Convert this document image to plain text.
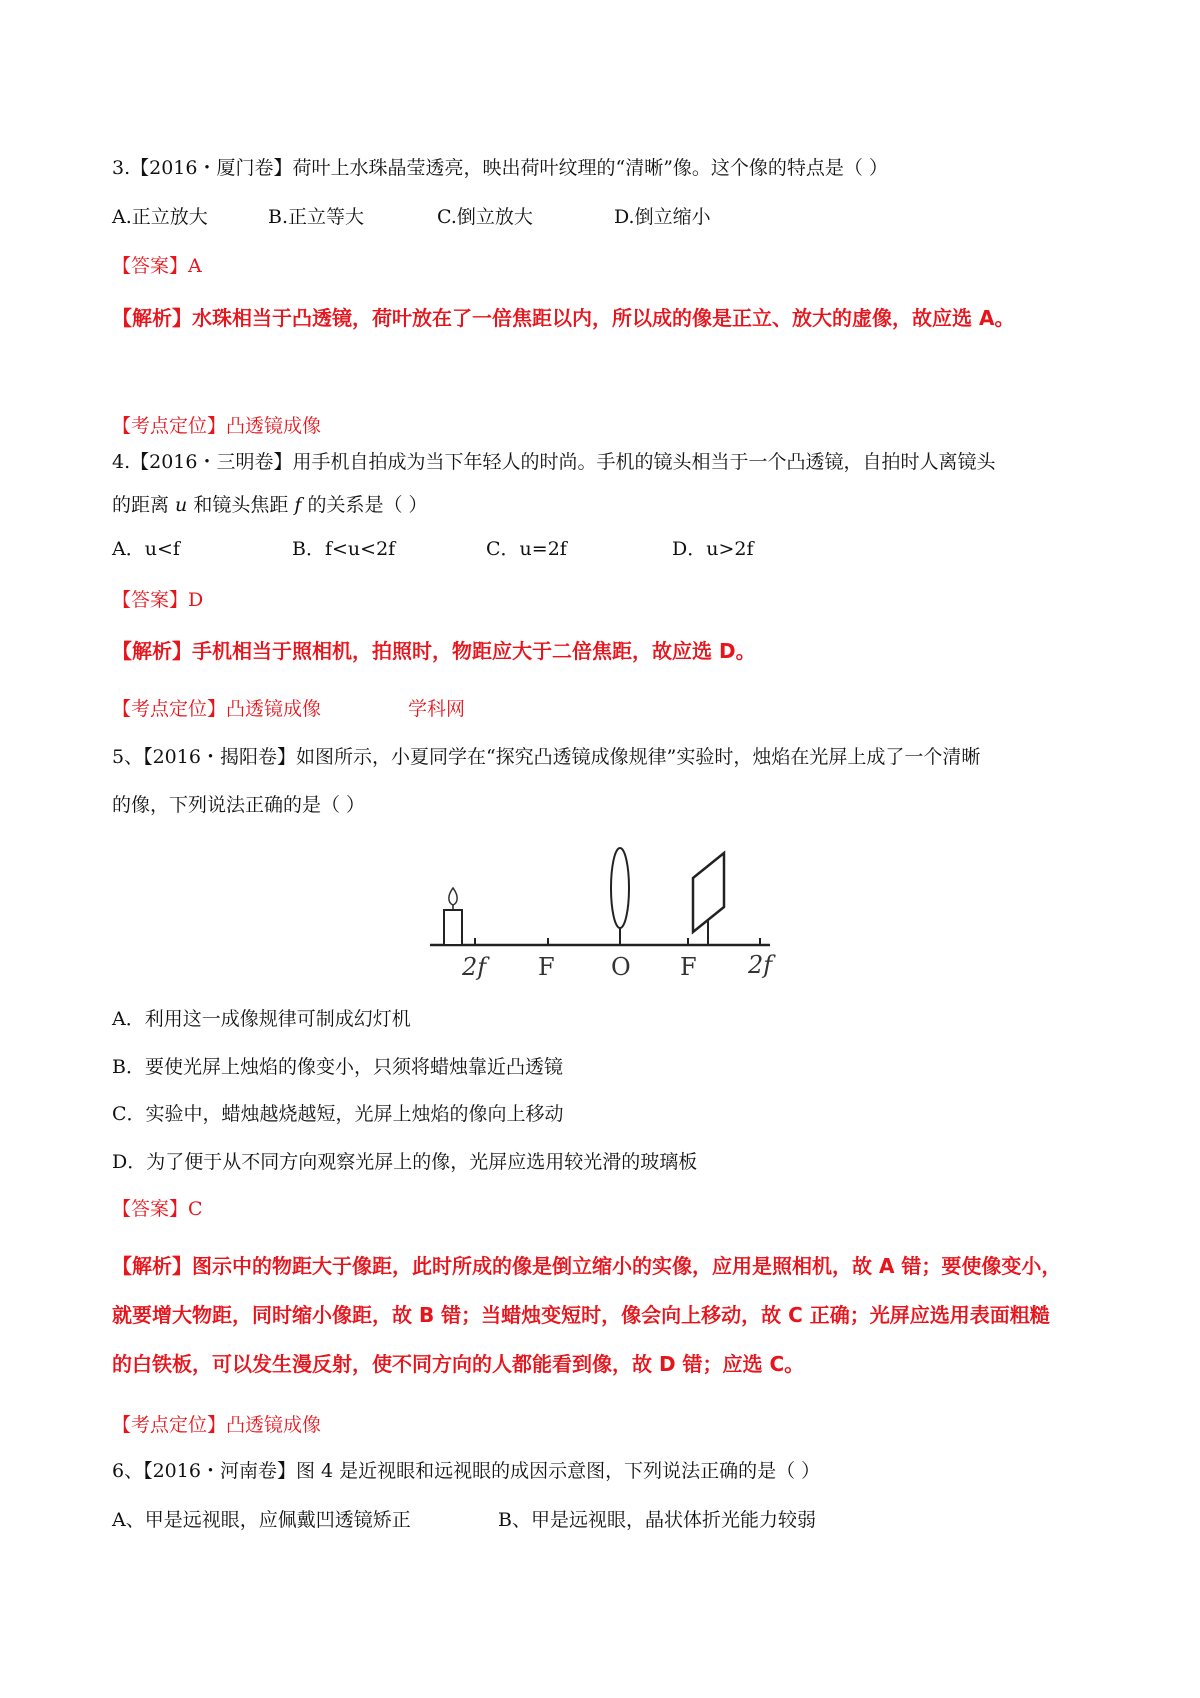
3.【2016・厦门卷】荷叶上水珠晶莹透亮，映出荷叶纹理的“清晰”像。这个像的特点是（ ）
A.正立放大	B.正立等大	C.倒立放大	D.倒立缩小
【答案】A
【解析】水珠相当于凸透镜，荷叶放在了一倍焦距以内，所以成的像是正立、放大的虚像，故应选 A。
【考点定位】凸透镜成像
4.【2016・三明卷】用手机自拍成为当下年轻人的时尚。手机的镜头相当于一个凸透镜，自拍时人离镜头
的距离 u 和镜头焦距 f 的关系是（ ）
A．u<f	B．f<u<2f	C．u=2f	D．u>2f
【答案】D
【解析】手机相当于照相机，拍照时，物距应大于二倍焦距，故应选 D。
【考点定位】凸透镜成像	学科网
5、【2016・揭阳卷】如图所示，小夏同学在“探究凸透镜成像规律”实验时，烛焰在光屏上成了一个清晰
的像，下列说法正确的是（ ）
2f F O F 2f
A．利用这一成像规律可制成幻灯机
B．要使光屏上烛焰的像变小，只须将蜡烛靠近凸透镜
C．实验中，蜡烛越烧越短，光屏上烛焰的像向上移动
D．为了便于从不同方向观察光屏上的像，光屏应选用较光滑的玻璃板
【答案】C
【解析】图示中的物距大于像距，此时所成的像是倒立缩小的实像，应用是照相机，故 A 错；要使像变小，
就要增大物距，同时缩小像距，故 B 错；当蜡烛变短时，像会向上移动，故 C 正确；光屏应选用表面粗糙
的白铁板，可以发生漫反射，使不同方向的人都能看到像，故 D 错；应选 C。
【考点定位】凸透镜成像
6、【2016・河南卷】图 4 是近视眼和远视眼的成因示意图，下列说法正确的是（ ）
A、甲是远视眼，应佩戴凹透镜矫正	B、甲是远视眼，晶状体折光能力较弱
